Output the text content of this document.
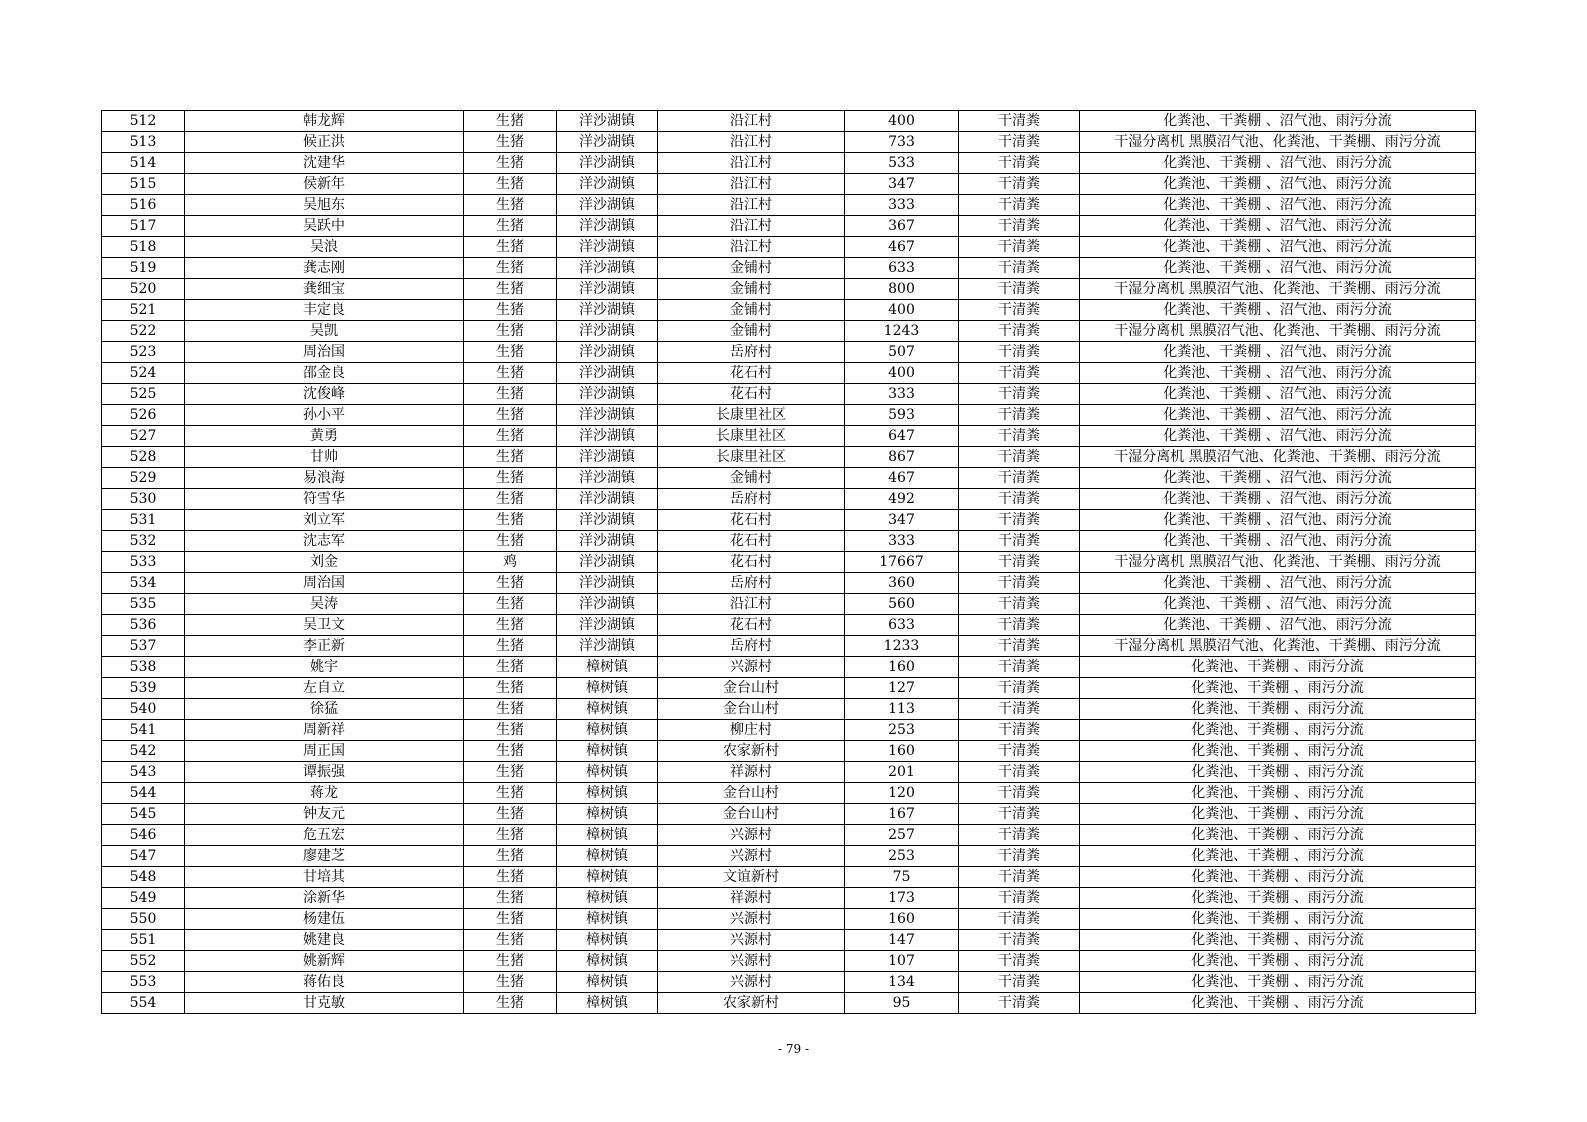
512	韩龙辉	生猪	洋沙湖镇	沿江村	400	干清粪	化粪池、干粪棚 、沼气池、雨污分流
513	候正洪	生猪	洋沙湖镇	沿江村	733	干清粪	干湿分离机 黑膜沼气池、化粪池、干粪棚、雨污分流
514	沈建华	生猪	洋沙湖镇	沿江村	533	干清粪	化粪池、干粪棚 、沼气池、雨污分流
515	侯新年	生猪	洋沙湖镇	沿江村	347	干清粪	化粪池、干粪棚 、沼气池、雨污分流
516	吴旭东	生猪	洋沙湖镇	沿江村	333	干清粪	化粪池、干粪棚 、沼气池、雨污分流
517	吴跃中	生猪	洋沙湖镇	沿江村	367	干清粪	化粪池、干粪棚 、沼气池、雨污分流
518	吴浪	生猪	洋沙湖镇	沿江村	467	干清粪	化粪池、干粪棚 、沼气池、雨污分流
519	龚志刚	生猪	洋沙湖镇	金铺村	633	干清粪	化粪池、干粪棚 、沼气池、雨污分流
520	龚细宝	生猪	洋沙湖镇	金铺村	800	干清粪	干湿分离机 黑膜沼气池、化粪池、干粪棚、雨污分流
521	丰定良	生猪	洋沙湖镇	金铺村	400	干清粪	化粪池、干粪棚 、沼气池、雨污分流
522	吴凯	生猪	洋沙湖镇	金铺村	1243	干清粪	干湿分离机 黑膜沼气池、化粪池、干粪棚、雨污分流
523	周治国	生猪	洋沙湖镇	岳府村	507	干清粪	化粪池、干粪棚 、沼气池、雨污分流
524	邵金良	生猪	洋沙湖镇	花石村	400	干清粪	化粪池、干粪棚 、沼气池、雨污分流
525	沈俊峰	生猪	洋沙湖镇	花石村	333	干清粪	化粪池、干粪棚 、沼气池、雨污分流
526	孙小平	生猪	洋沙湖镇	长康里社区	593	干清粪	化粪池、干粪棚 、沼气池、雨污分流
527	黄勇	生猪	洋沙湖镇	长康里社区	647	干清粪	化粪池、干粪棚 、沼气池、雨污分流
528	甘帅	生猪	洋沙湖镇	长康里社区	867	干清粪	干湿分离机 黑膜沼气池、化粪池、干粪棚、雨污分流
529	易浪海	生猪	洋沙湖镇	金铺村	467	干清粪	化粪池、干粪棚 、沼气池、雨污分流
530	符雪华	生猪	洋沙湖镇	岳府村	492	干清粪	化粪池、干粪棚 、沼气池、雨污分流
531	刘立军	生猪	洋沙湖镇	花石村	347	干清粪	化粪池、干粪棚 、沼气池、雨污分流
532	沈志军	生猪	洋沙湖镇	花石村	333	干清粪	化粪池、干粪棚 、沼气池、雨污分流
533	刘金	鸡	洋沙湖镇	花石村	17667	干清粪	干湿分离机 黑膜沼气池、化粪池、干粪棚、雨污分流
534	周治国	生猪	洋沙湖镇	岳府村	360	干清粪	化粪池、干粪棚 、沼气池、雨污分流
535	吴涛	生猪	洋沙湖镇	沿江村	560	干清粪	化粪池、干粪棚 、沼气池、雨污分流
536	吴卫文	生猪	洋沙湖镇	花石村	633	干清粪	化粪池、干粪棚 、沼气池、雨污分流
537	李正新	生猪	洋沙湖镇	岳府村	1233	干清粪	干湿分离机 黑膜沼气池、化粪池、干粪棚、雨污分流
538	姚宇	生猪	樟树镇	兴源村	160	干清粪	化粪池、干粪棚 、雨污分流
539	左自立	生猪	樟树镇	金台山村	127	干清粪	化粪池、干粪棚 、雨污分流
540	徐猛	生猪	樟树镇	金台山村	113	干清粪	化粪池、干粪棚 、雨污分流
541	周新祥	生猪	樟树镇	柳庄村	253	干清粪	化粪池、干粪棚 、雨污分流
542	周正国	生猪	樟树镇	农家新村	160	干清粪	化粪池、干粪棚 、雨污分流
543	谭振强	生猪	樟树镇	祥源村	201	干清粪	化粪池、干粪棚 、雨污分流
544	蒋龙	生猪	樟树镇	金台山村	120	干清粪	化粪池、干粪棚 、雨污分流
545	钟友元	生猪	樟树镇	金台山村	167	干清粪	化粪池、干粪棚 、雨污分流
546	危五宏	生猪	樟树镇	兴源村	257	干清粪	化粪池、干粪棚 、雨污分流
547	廖建芝	生猪	樟树镇	兴源村	253	干清粪	化粪池、干粪棚 、雨污分流
548	甘培其	生猪	樟树镇	文谊新村	75	干清粪	化粪池、干粪棚 、雨污分流
549	涂新华	生猪	樟树镇	祥源村	173	干清粪	化粪池、干粪棚 、雨污分流
550	杨建伍	生猪	樟树镇	兴源村	160	干清粪	化粪池、干粪棚 、雨污分流
551	姚建良	生猪	樟树镇	兴源村	147	干清粪	化粪池、干粪棚 、雨污分流
552	姚新辉	生猪	樟树镇	兴源村	107	干清粪	化粪池、干粪棚 、雨污分流
553	蒋佑良	生猪	樟树镇	兴源村	134	干清粪	化粪池、干粪棚 、雨污分流
554	甘克敏	生猪	樟树镇	农家新村	95	干清粪	化粪池、干粪棚 、雨污分流
- 79 -
